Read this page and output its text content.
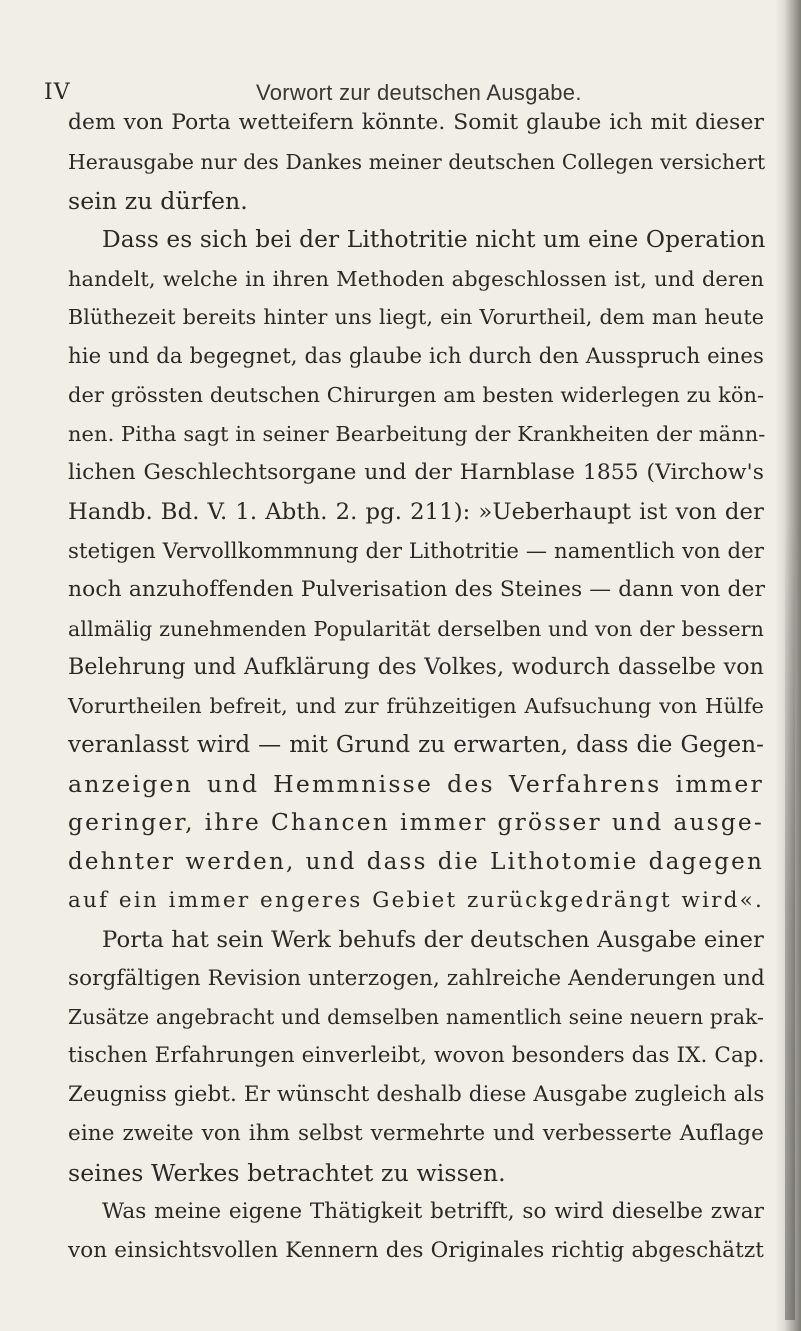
IV	Vorwort zur deutschen Ausgabe.
dem von Porta wetteifern könnte. Somit glaube ich mit dieser
Herausgabe nur des Dankes meiner deutschen Collegen versichert
sein zu dürfen.
Dass es sich bei der Lithotritie nicht um eine Operation
handelt, welche in ihren Methoden abgeschlossen ist, und deren
Blüthezeit bereits hinter uns liegt, ein Vorurtheil, dem man heute
hie und da begegnet, das glaube ich durch den Ausspruch eines
der grössten deutschen Chirurgen am besten widerlegen zu kön-
nen. Pitha sagt in seiner Bearbeitung der Krankheiten der männ-
lichen Geschlechtsorgane und der Harnblase 1855 (Virchow's
Handb. Bd. V. 1. Abth. 2. pg. 211): »Ueberhaupt ist von der
stetigen Vervollkommnung der Lithotritie — namentlich von der
noch anzuhoffenden Pulverisation des Steines — dann von der
allmälig zunehmenden Popularität derselben und von der bessern
Belehrung und Aufklärung des Volkes, wodurch dasselbe von
Vorurtheilen befreit, und zur frühzeitigen Aufsuchung von Hülfe
veranlasst wird — mit Grund zu erwarten, dass die Gegen-
anzeigen und Hemmnisse des Verfahrens immer
geringer, ihre Chancen immer grösser und ausge-
dehnter werden, und dass die Lithotomie dagegen
auf ein immer engeres Gebiet zurückgedrängt wird«.
Porta hat sein Werk behufs der deutschen Ausgabe einer
sorgfältigen Revision unterzogen, zahlreiche Aenderungen und
Zusätze angebracht und demselben namentlich seine neuern prak-
tischen Erfahrungen einverleibt, wovon besonders das IX. Cap.
Zeugniss giebt. Er wünscht deshalb diese Ausgabe zugleich als
eine zweite von ihm selbst vermehrte und verbesserte Auflage
seines Werkes betrachtet zu wissen.
Was meine eigene Thätigkeit betrifft, so wird dieselbe zwar
von einsichtsvollen Kennern des Originales richtig abgeschätzt
